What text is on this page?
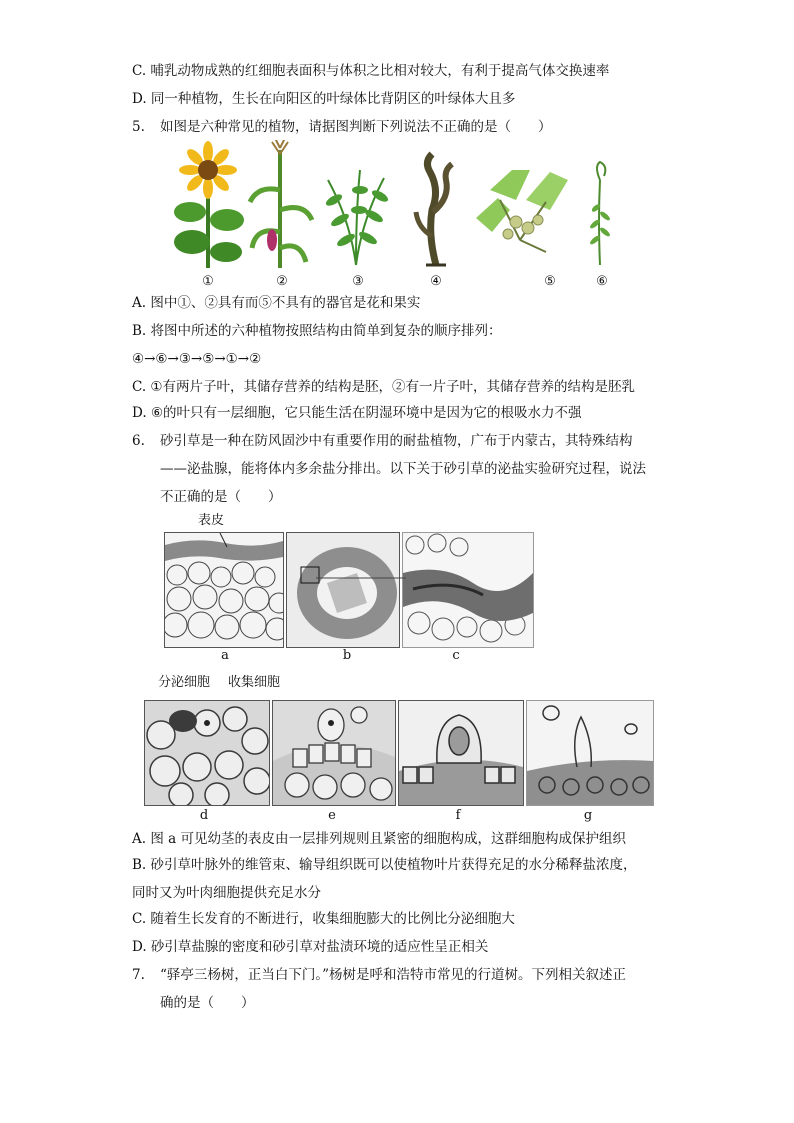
C. 哺乳动物成熟的红细胞表面积与体积之比相对较大，有利于提高气体交换速率
D. 同一种植物，生长在向阳区的叶绿体比背阴区的叶绿体大且多
5. 如图是六种常见的植物，请据图判断下列说法不正确的是（　　）
①	②	③	④	⑤	⑥
A. 图中①、②具有而⑤不具有的器官是花和果实
B. 将图中所述的六种植物按照结构由简单到复杂的顺序排列：
④→⑥→③→⑤→①→②
C. ①有两片子叶，其储存营养的结构是胚，②有一片子叶，其储存营养的结构是胚乳
D. ⑥的叶只有一层细胞，它只能生活在阴湿环境中是因为它的根吸水力不强
6. 砂引草是一种在防风固沙中有重要作用的耐盐植物，广布于内蒙古，其特殊结构
——泌盐腺，能将体内多余盐分排出。以下关于砂引草的泌盐实验研究过程，说法
不正确的是（　　）
表皮
a	b	c
分泌细胞 收集细胞
d	e	f	g
A. 图 a 可见幼茎的表皮由一层排列规则且紧密的细胞构成，这群细胞构成保护组织
B. 砂引草叶脉外的维管束、输导组织既可以使植物叶片获得充足的水分稀释盐浓度，
同时又为叶肉细胞提供充足水分
C. 随着生长发育的不断进行，收集细胞膨大的比例比分泌细胞大
D. 砂引草盐腺的密度和砂引草对盐渍环境的适应性呈正相关
7. “驿亭三杨树，正当白下门。”杨树是呼和浩特市常见的行道树。下列相关叙述正
确的是（　　）
